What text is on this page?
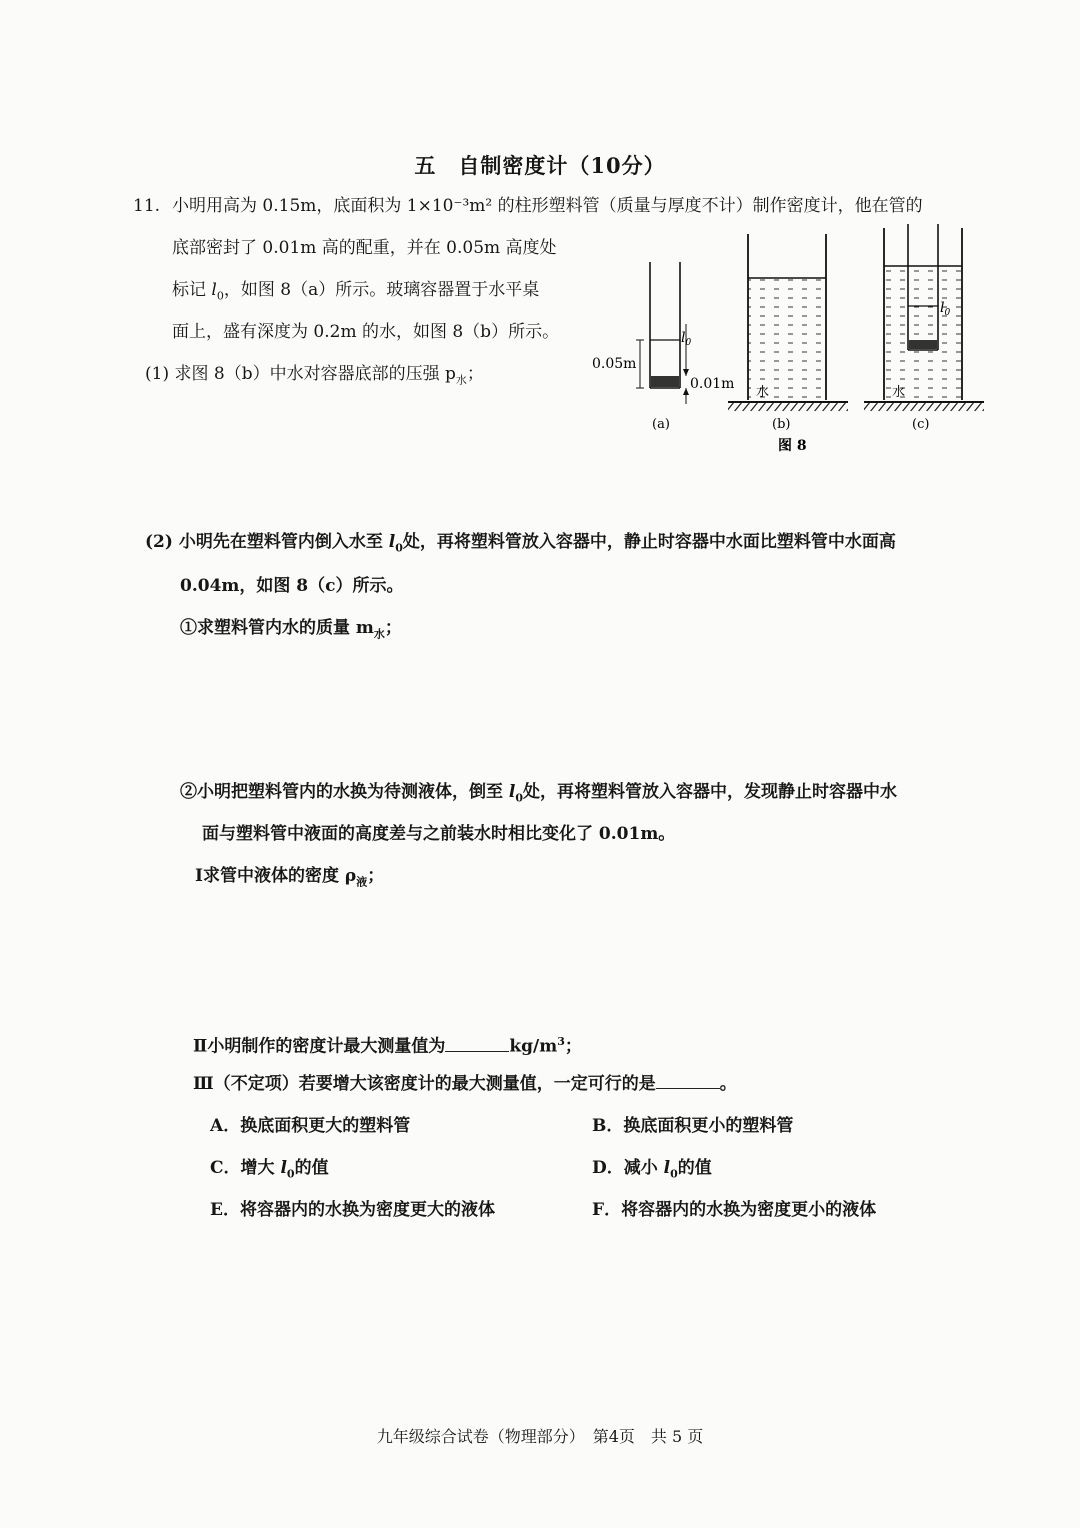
五　自制密度计（10分）
11. 小明用高为 0.15m，底面积为 1×10⁻³m² 的柱形塑料管（质量与厚度不计）制作密度计，他在管的
底部密封了 0.01m 高的配重，并在 0.05m 高度处
标记 $l_0$，如图 8（a）所示。玻璃容器置于水平桌
面上，盛有深度为 0.2m 的水，如图 8（b）所示。
(1) 求图 8（b）中水对容器底部的压强 $p_水$；	0.05m
0.01m
$l_0$
(a)
水
(b)
图 8
$l_0$
水
(c)
(2) 小明先在塑料管内倒入水至 $l_0$处，再将塑料管放入容器中，静止时容器中水面比塑料管中水面高
0.04m，如图 8（c）所示。
①求塑料管内水的质量 $m_水$；
②小明把塑料管内的水换为待测液体，倒至 $l_0$处，再将塑料管放入容器中，发现静止时容器中水
面与塑料管中液面的高度差与之前装水时相比变化了 0.01m。
Ⅰ求管中液体的密度 $\rho_液$；
Ⅱ小明制作的密度计最大测量值为	$kg/m^3$；
Ⅲ（不定项）若要增大该密度计的最大测量值，一定可行的是	。
A．换底面积更大的塑料管	B．换底面积更小的塑料管
C．增大 $l_0$的值	D．减小 $l_0$的值
E．将容器内的水换为密度更大的液体	F．将容器内的水换为密度更小的液体
九年级综合试卷（物理部分）　第4页　共 5 页
